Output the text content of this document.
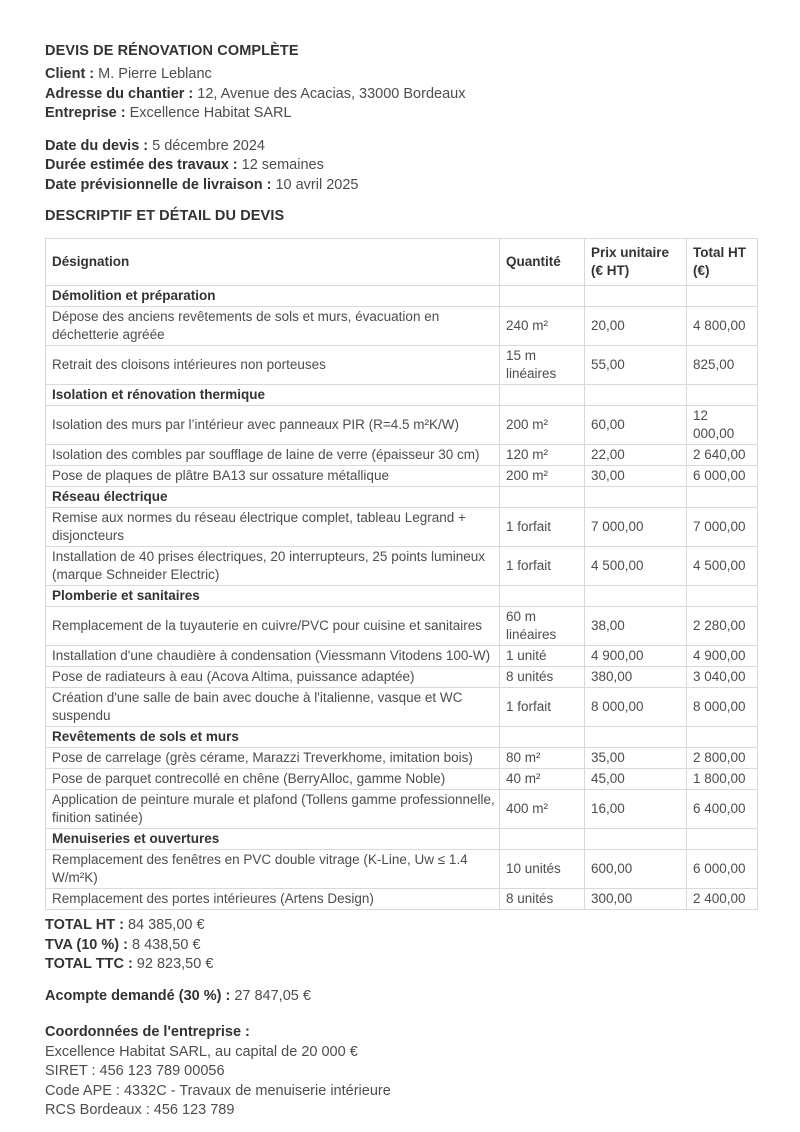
DEVIS DE RÉNOVATION COMPLÈTE
Client : M. Pierre Leblanc
Adresse du chantier : 12, Avenue des Acacias, 33000 Bordeaux
Entreprise : Excellence Habitat SARL
Date du devis : 5 décembre 2024
Durée estimée des travaux : 12 semaines
Date prévisionnelle de livraison : 10 avril 2025
DESCRIPTIF ET DÉTAIL DU DEVIS
Désignation	Quantité	Prix unitaire (€ HT)	Total HT (€)
Démolition et préparation			
Dépose des anciens revêtements de sols et murs, évacuation en déchetterie agréée	240 m²	20,00	4 800,00
Retrait des cloisons intérieures non porteuses	15 m linéaires	55,00	825,00
Isolation et rénovation thermique			
Isolation des murs par l’intérieur avec panneaux PIR (R=4.5 m²K/W)	200 m²	60,00	12 000,00
Isolation des combles par soufflage de laine de verre (épaisseur 30 cm)	120 m²	22,00	2 640,00
Pose de plaques de plâtre BA13 sur ossature métallique	200 m²	30,00	6 000,00
Réseau électrique			
Remise aux normes du réseau électrique complet, tableau Legrand + disjoncteurs	1 forfait	7 000,00	7 000,00
Installation de 40 prises électriques, 20 interrupteurs, 25 points lumineux (marque Schneider Electric)	1 forfait	4 500,00	4 500,00
Plomberie et sanitaires			
Remplacement de la tuyauterie en cuivre/PVC pour cuisine et sanitaires	60 m linéaires	38,00	2 280,00
Installation d'une chaudière à condensation (Viessmann Vitodens 100-W)	1 unité	4 900,00	4 900,00
Pose de radiateurs à eau (Acova Altima, puissance adaptée)	8 unités	380,00	3 040,00
Création d'une salle de bain avec douche à l'italienne, vasque et WC suspendu	1 forfait	8 000,00	8 000,00
Revêtements de sols et murs			
Pose de carrelage (grès cérame, Marazzi Treverkhome, imitation bois)	80 m²	35,00	2 800,00
Pose de parquet contrecollé en chêne (BerryAlloc, gamme Noble)	40 m²	45,00	1 800,00
Application de peinture murale et plafond (Tollens gamme professionnelle, finition satinée)	400 m²	16,00	6 400,00
Menuiseries et ouvertures			
Remplacement des fenêtres en PVC double vitrage (K-Line, Uw ≤ 1.4 W/m²K)	10 unités	600,00	6 000,00
Remplacement des portes intérieures (Artens Design)	8 unités	300,00	2 400,00
TOTAL HT : 84 385,00 €
TVA (10 %) : 8 438,50 €
TOTAL TTC : 92 823,50 €
Acompte demandé (30 %) : 27 847,05 €
Coordonnées de l'entreprise :
Excellence Habitat SARL, au capital de 20 000 €
SIRET : 456 123 789 00056
Code APE : 4332C - Travaux de menuiserie intérieure
RCS Bordeaux : 456 123 789
